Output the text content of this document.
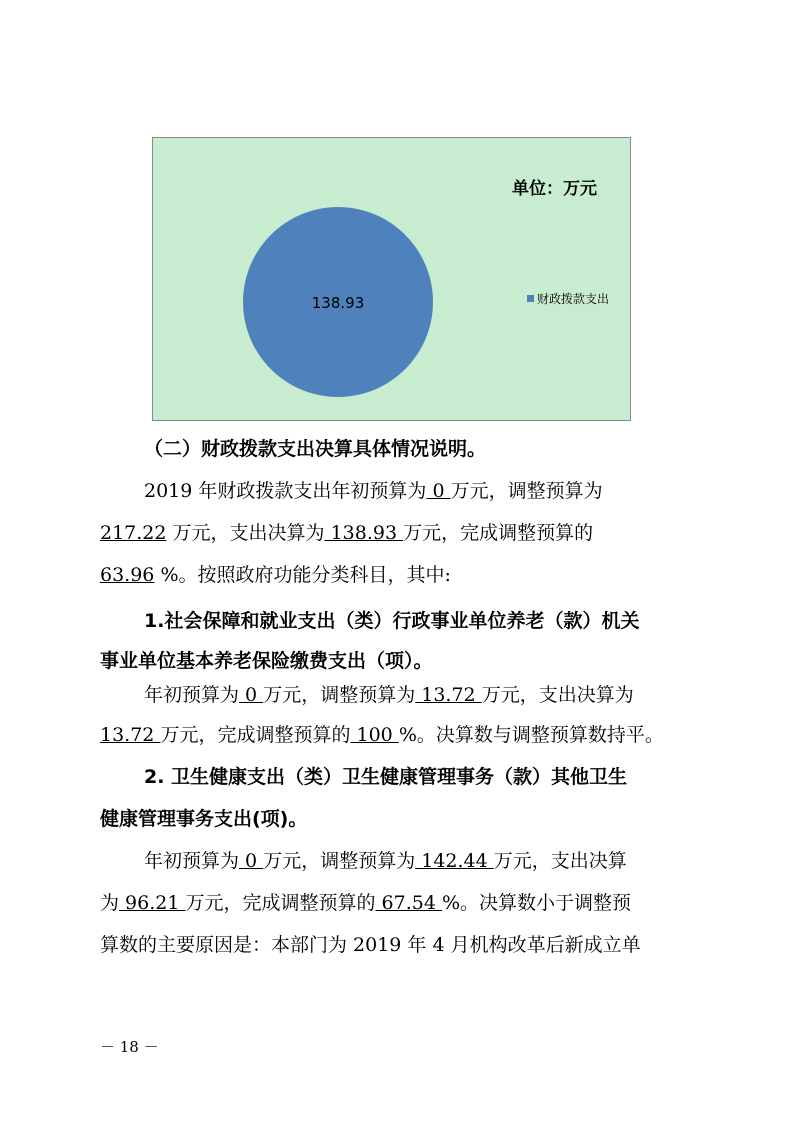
138.93
单位：万元
财政拨款支出
（二）财政拨款支出决算具体情况说明。
2019 年财政拨款支出年初预算为 0 万元，调整预算为
217.22 万元，支出决算为 138.93 万元，完成调整预算的
63.96 %。按照政府功能分类科目，其中:
1.社会保障和就业支出（类）行政事业单位养老（款）机关
事业单位基本养老保险缴费支出（项）。
年初预算为 0 万元，调整预算为 13.72 万元，支出决算为
13.72 万元，完成调整预算的 100 %。决算数与调整预算数持平。
2. 卫生健康支出（类）卫生健康管理事务（款）其他卫生
健康管理事务支出(项)。
年初预算为 0 万元，调整预算为 142.44 万元，支出决算
为 96.21 万元，完成调整预算的 67.54 %。决算数小于调整预
算数的主要原因是：本部门为 2019 年 4 月机构改革后新成立单
－ 18 －
